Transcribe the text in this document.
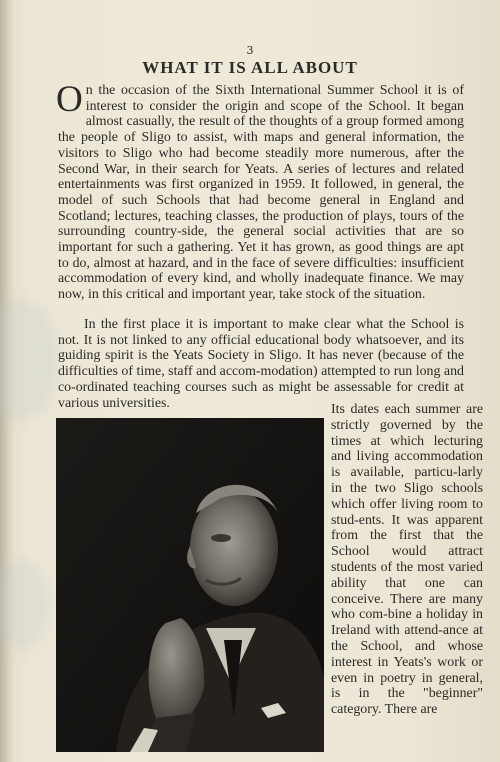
3
WHAT IT IS ALL ABOUT

On the occasion of the Sixth International Summer School it is of interest to consider the origin and scope of the School. It began almost casually, the result of the thoughts of a group formed among the people of Sligo to assist, with maps and general information, the visitors to Sligo who had become steadily more numerous, after the Second War, in their search for Yeats. A series of lectures and related entertainments was first organized in 1959. It followed, in general, the model of such Schools that had become general in England and Scotland; lectures, teaching classes, the production of plays, tours of the surrounding country-side, the general social activities that are so important for such a gathering. Yet it has grown, as good things are apt to do, almost at hazard, and in the face of severe difficulties: insufficient accommodation of every kind, and wholly inadequate finance. We may now, in this critical and important year, take stock of the situation.

In the first place it is important to make clear what the School is not. It is not linked to any official educational body whatsoever, and its guiding spirit is the Yeats Society in Sligo. It has never (because of the difficulties of time, staff and accom-modation) attempted to run long and co-ordinated teaching courses such as might be assessable for credit at various universities.	Its dates each summer are strictly governed by the times at which lecturing and living accommodation is available, particu-larly in the two Sligo schools which offer living room to stud-ents. It was apparent from the first that the School would attract students of the most varied ability that one can conceive. There are many who com-bine a holiday in Ireland with attend-ance at the School, and whose interest in Yeats's work or even in poetry in general, is in the "beginner" category. There are
